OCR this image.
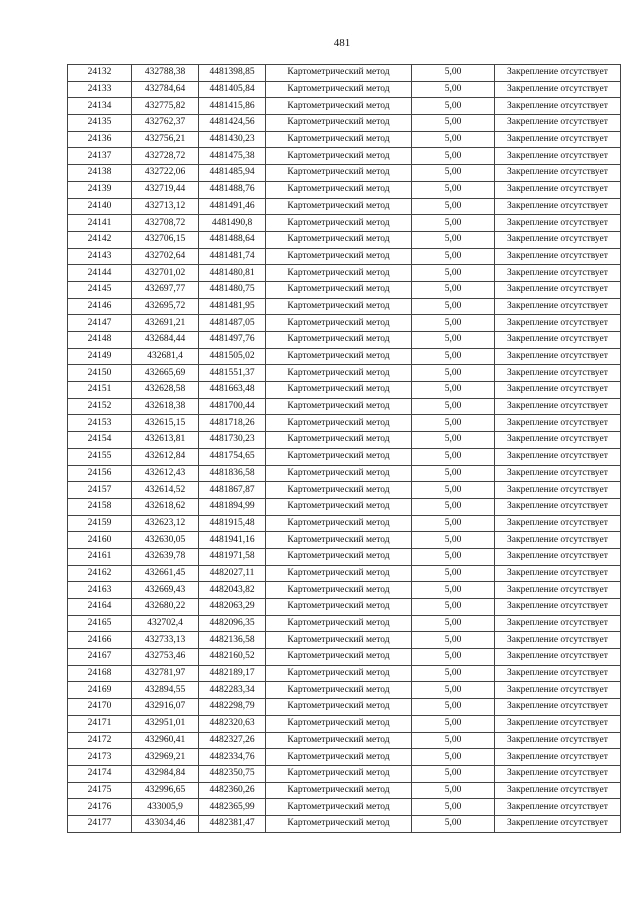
481
24132	432788,38	4481398,85	Картометрический метод	5,00	Закрепление отсутствует
24133	432784,64	4481405,84	Картометрический метод	5,00	Закрепление отсутствует
24134	432775,82	4481415,86	Картометрический метод	5,00	Закрепление отсутствует
24135	432762,37	4481424,56	Картометрический метод	5,00	Закрепление отсутствует
24136	432756,21	4481430,23	Картометрический метод	5,00	Закрепление отсутствует
24137	432728,72	4481475,38	Картометрический метод	5,00	Закрепление отсутствует
24138	432722,06	4481485,94	Картометрический метод	5,00	Закрепление отсутствует
24139	432719,44	4481488,76	Картометрический метод	5,00	Закрепление отсутствует
24140	432713,12	4481491,46	Картометрический метод	5,00	Закрепление отсутствует
24141	432708,72	4481490,8	Картометрический метод	5,00	Закрепление отсутствует
24142	432706,15	4481488,64	Картометрический метод	5,00	Закрепление отсутствует
24143	432702,64	4481481,74	Картометрический метод	5,00	Закрепление отсутствует
24144	432701,02	4481480,81	Картометрический метод	5,00	Закрепление отсутствует
24145	432697,77	4481480,75	Картометрический метод	5,00	Закрепление отсутствует
24146	432695,72	4481481,95	Картометрический метод	5,00	Закрепление отсутствует
24147	432691,21	4481487,05	Картометрический метод	5,00	Закрепление отсутствует
24148	432684,44	4481497,76	Картометрический метод	5,00	Закрепление отсутствует
24149	432681,4	4481505,02	Картометрический метод	5,00	Закрепление отсутствует
24150	432665,69	4481551,37	Картометрический метод	5,00	Закрепление отсутствует
24151	432628,58	4481663,48	Картометрический метод	5,00	Закрепление отсутствует
24152	432618,38	4481700,44	Картометрический метод	5,00	Закрепление отсутствует
24153	432615,15	4481718,26	Картометрический метод	5,00	Закрепление отсутствует
24154	432613,81	4481730,23	Картометрический метод	5,00	Закрепление отсутствует
24155	432612,84	4481754,65	Картометрический метод	5,00	Закрепление отсутствует
24156	432612,43	4481836,58	Картометрический метод	5,00	Закрепление отсутствует
24157	432614,52	4481867,87	Картометрический метод	5,00	Закрепление отсутствует
24158	432618,62	4481894,99	Картометрический метод	5,00	Закрепление отсутствует
24159	432623,12	4481915,48	Картометрический метод	5,00	Закрепление отсутствует
24160	432630,05	4481941,16	Картометрический метод	5,00	Закрепление отсутствует
24161	432639,78	4481971,58	Картометрический метод	5,00	Закрепление отсутствует
24162	432661,45	4482027,11	Картометрический метод	5,00	Закрепление отсутствует
24163	432669,43	4482043,82	Картометрический метод	5,00	Закрепление отсутствует
24164	432680,22	4482063,29	Картометрический метод	5,00	Закрепление отсутствует
24165	432702,4	4482096,35	Картометрический метод	5,00	Закрепление отсутствует
24166	432733,13	4482136,58	Картометрический метод	5,00	Закрепление отсутствует
24167	432753,46	4482160,52	Картометрический метод	5,00	Закрепление отсутствует
24168	432781,97	4482189,17	Картометрический метод	5,00	Закрепление отсутствует
24169	432894,55	4482283,34	Картометрический метод	5,00	Закрепление отсутствует
24170	432916,07	4482298,79	Картометрический метод	5,00	Закрепление отсутствует
24171	432951,01	4482320,63	Картометрический метод	5,00	Закрепление отсутствует
24172	432960,41	4482327,26	Картометрический метод	5,00	Закрепление отсутствует
24173	432969,21	4482334,76	Картометрический метод	5,00	Закрепление отсутствует
24174	432984,84	4482350,75	Картометрический метод	5,00	Закрепление отсутствует
24175	432996,65	4482360,26	Картометрический метод	5,00	Закрепление отсутствует
24176	433005,9	4482365,99	Картометрический метод	5,00	Закрепление отсутствует
24177	433034,46	4482381,47	Картометрический метод	5,00	Закрепление отсутствует
